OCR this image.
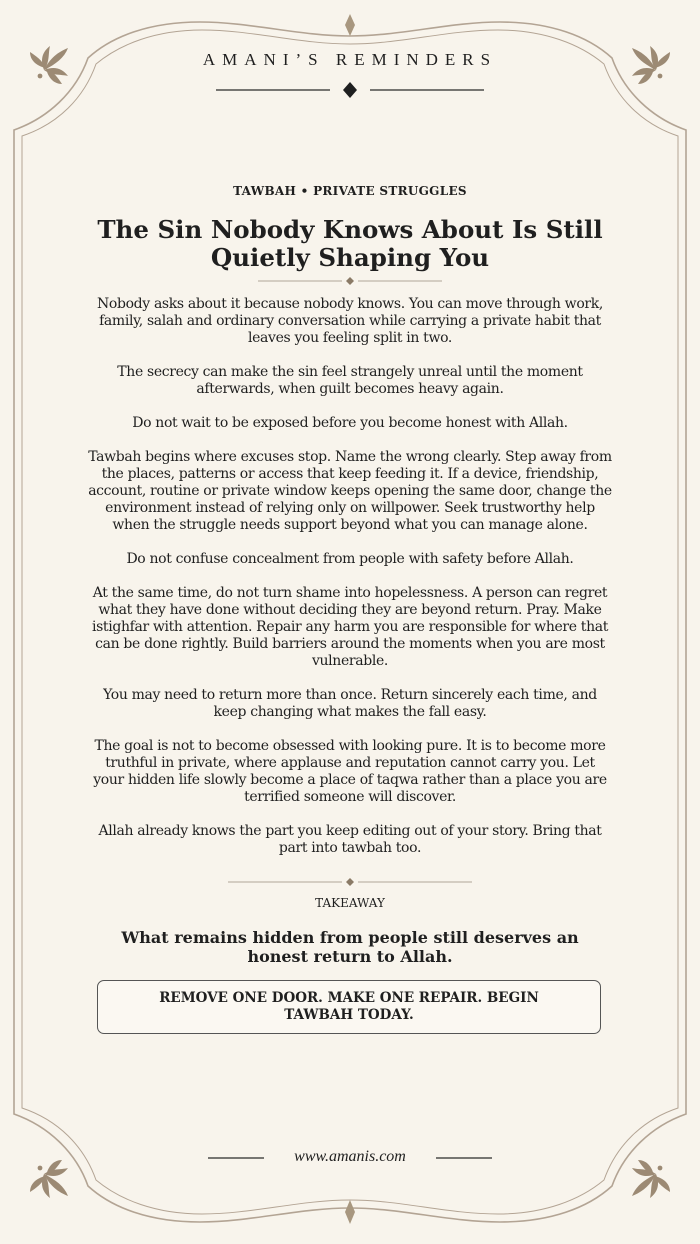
AMANI’S REMINDERS
TAWBAH • PRIVATE STRUGGLES
The Sin Nobody Knows About Is Still Quietly Shaping You

Nobody asks about it because nobody knows. You can move through work, family, salah and ordinary conversation while carrying a private habit that leaves you feeling split in two.

The secrecy can make the sin feel strangely unreal until the moment afterwards, when guilt becomes heavy again.

Do not wait to be exposed before you become honest with Allah.

Tawbah begins where excuses stop. Name the wrong clearly. Step away from the places, patterns or access that keep feeding it. If a device, friendship, account, routine or private window keeps opening the same door, change the environment instead of relying only on willpower. Seek trustworthy help when the struggle needs support beyond what you can manage alone.

Do not confuse concealment from people with safety before Allah.

At the same time, do not turn shame into hopelessness. A person can regret what they have done without deciding they are beyond return. Pray. Make istighfar with attention. Repair any harm you are responsible for where that can be done rightly. Build barriers around the moments when you are most vulnerable.

You may need to return more than once. Return sincerely each time, and keep changing what makes the fall easy.

The goal is not to become obsessed with looking pure. It is to become more truthful in private, where applause and reputation cannot carry you. Let your hidden life slowly become a place of taqwa rather than a place you are terrified someone will discover.

Allah already knows the part you keep editing out of your story. Bring that part into tawbah too.

TAKEAWAY

What remains hidden from people still deserves an honest return to Allah.

REMOVE ONE DOOR. MAKE ONE REPAIR. BEGIN TAWBAH TODAY.
www.amanis.com
